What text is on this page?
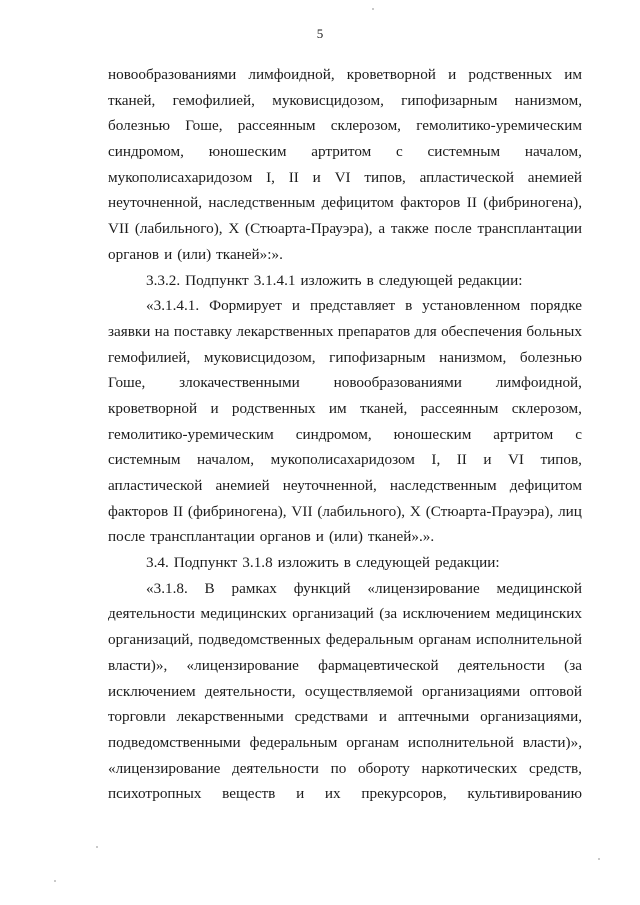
5
новообразованиями лимфоидной, кроветворной и родственных им
тканей, гемофилией, муковисцидозом, гипофизарным нанизмом,
болезнью Гоше, рассеянным склерозом, гемолитико-уремическим
синдромом, юношеским артритом с системным началом,
мукополисахаридозом I, II и VI типов, апластической анемией
неуточненной, наследственным дефицитом факторов II (фибриногена),
VII (лабильного), X (Стюарта-Прауэра), а также после трансплантации
органов и (или) тканей»:».
3.3.2. Подпункт 3.1.4.1 изложить в следующей редакции:
«3.1.4.1. Формирует и представляет в установленном порядке
заявки на поставку лекарственных препаратов для обеспечения больных
гемофилией, муковисцидозом, гипофизарным нанизмом, болезнью
Гоше, злокачественными новообразованиями лимфоидной,
кроветворной и родственных им тканей, рассеянным склерозом,
гемолитико-уремическим синдромом, юношеским артритом с
системным началом, мукополисахаридозом I, II и VI типов,
апластической анемией неуточненной, наследственным дефицитом
факторов II (фибриногена), VII (лабильного), X (Стюарта-Прауэра), лиц
после трансплантации органов и (или) тканей».».
3.4. Подпункт 3.1.8 изложить в следующей редакции:
«3.1.8. В рамках функций «лицензирование медицинской
деятельности медицинских организаций (за исключением медицинских
организаций, подведомственных федеральным органам исполнительной
власти)», «лицензирование фармацевтической деятельности (за
исключением деятельности, осуществляемой организациями оптовой
торговли лекарственными средствами и аптечными организациями,
подведомственными федеральным органам исполнительной власти)»,
«лицензирование деятельности по обороту наркотических средств,
психотропных веществ и их прекурсоров, культивированию
